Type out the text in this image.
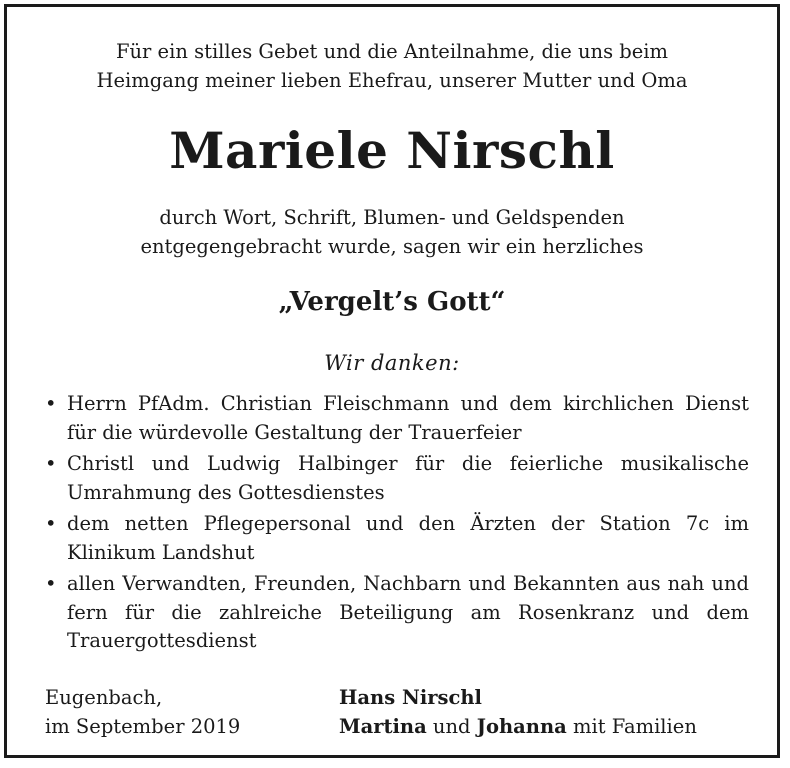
Für ein stilles Gebet und die Anteilnahme, die uns beim
Heimgang meiner lieben Ehefrau, unserer Mutter und Oma
Mariele Nirschl
durch Wort, Schrift, Blumen- und Geldspenden
entgegengebracht wurde, sagen wir ein herzliches
„Vergelt’s Gott“
Wir danken:
• Herrn PfAdm. Christian Fleischmann und dem kirchlichen Dienst für die würdevolle Gestaltung der Trauerfeier
• Christl und Ludwig Halbinger für die feierliche musikalische Umrahmung des Gottesdienstes
• dem netten Pflegepersonal und den Ärzten der Station 7c im Klinikum Landshut
• allen Verwandten, Freunden, Nachbarn und Bekannten aus nah und fern für die zahlreiche Beteiligung am Rosenkranz und dem Trauergottesdienst
Eugenbach,
im September 2019
Hans Nirschl
Martina und Johanna mit Familien
